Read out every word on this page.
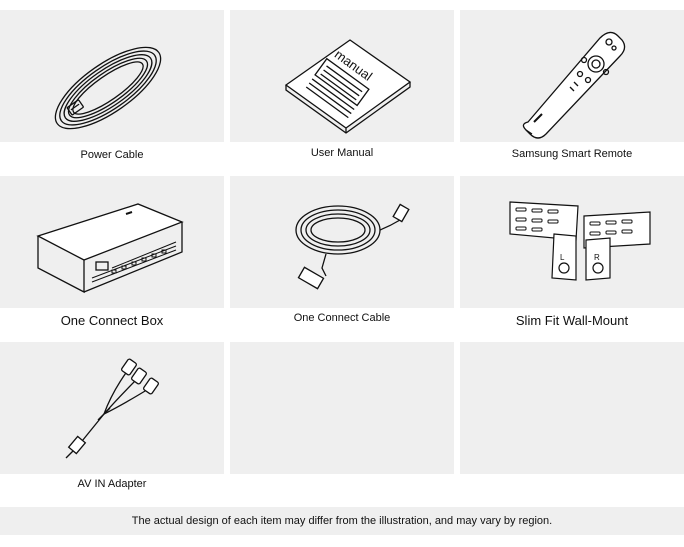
Power Cable
manual
User Manual	Samsung Smart Remote
One Connect Box	One Connect Cable
L	R
Slim Fit Wall-Mount
AV IN Adapter
The actual design of each item may differ from the illustration, and may vary by region.
